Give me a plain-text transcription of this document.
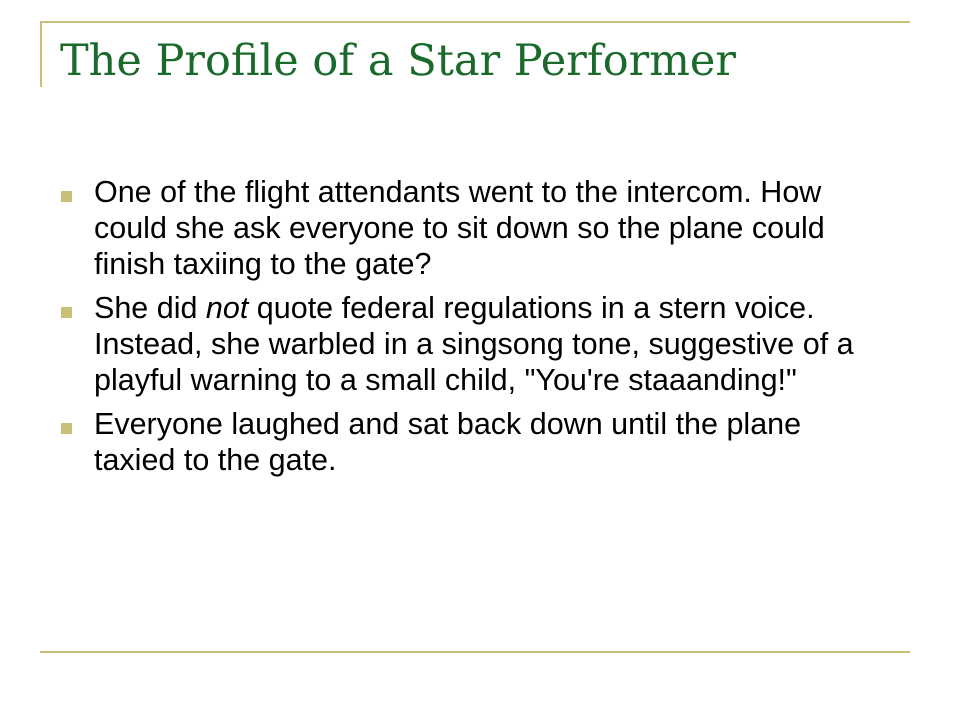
The Profile of a Star Performer
One of the flight attendants went to the intercom. How could she ask everyone to sit down so the plane could finish taxiing to the gate?
She did not quote federal regulations in a stern voice. Instead, she warbled in a singsong tone, suggestive of a playful warning to a small child, "You're staaanding!"
Everyone laughed and sat back down until the plane taxied to the gate.
